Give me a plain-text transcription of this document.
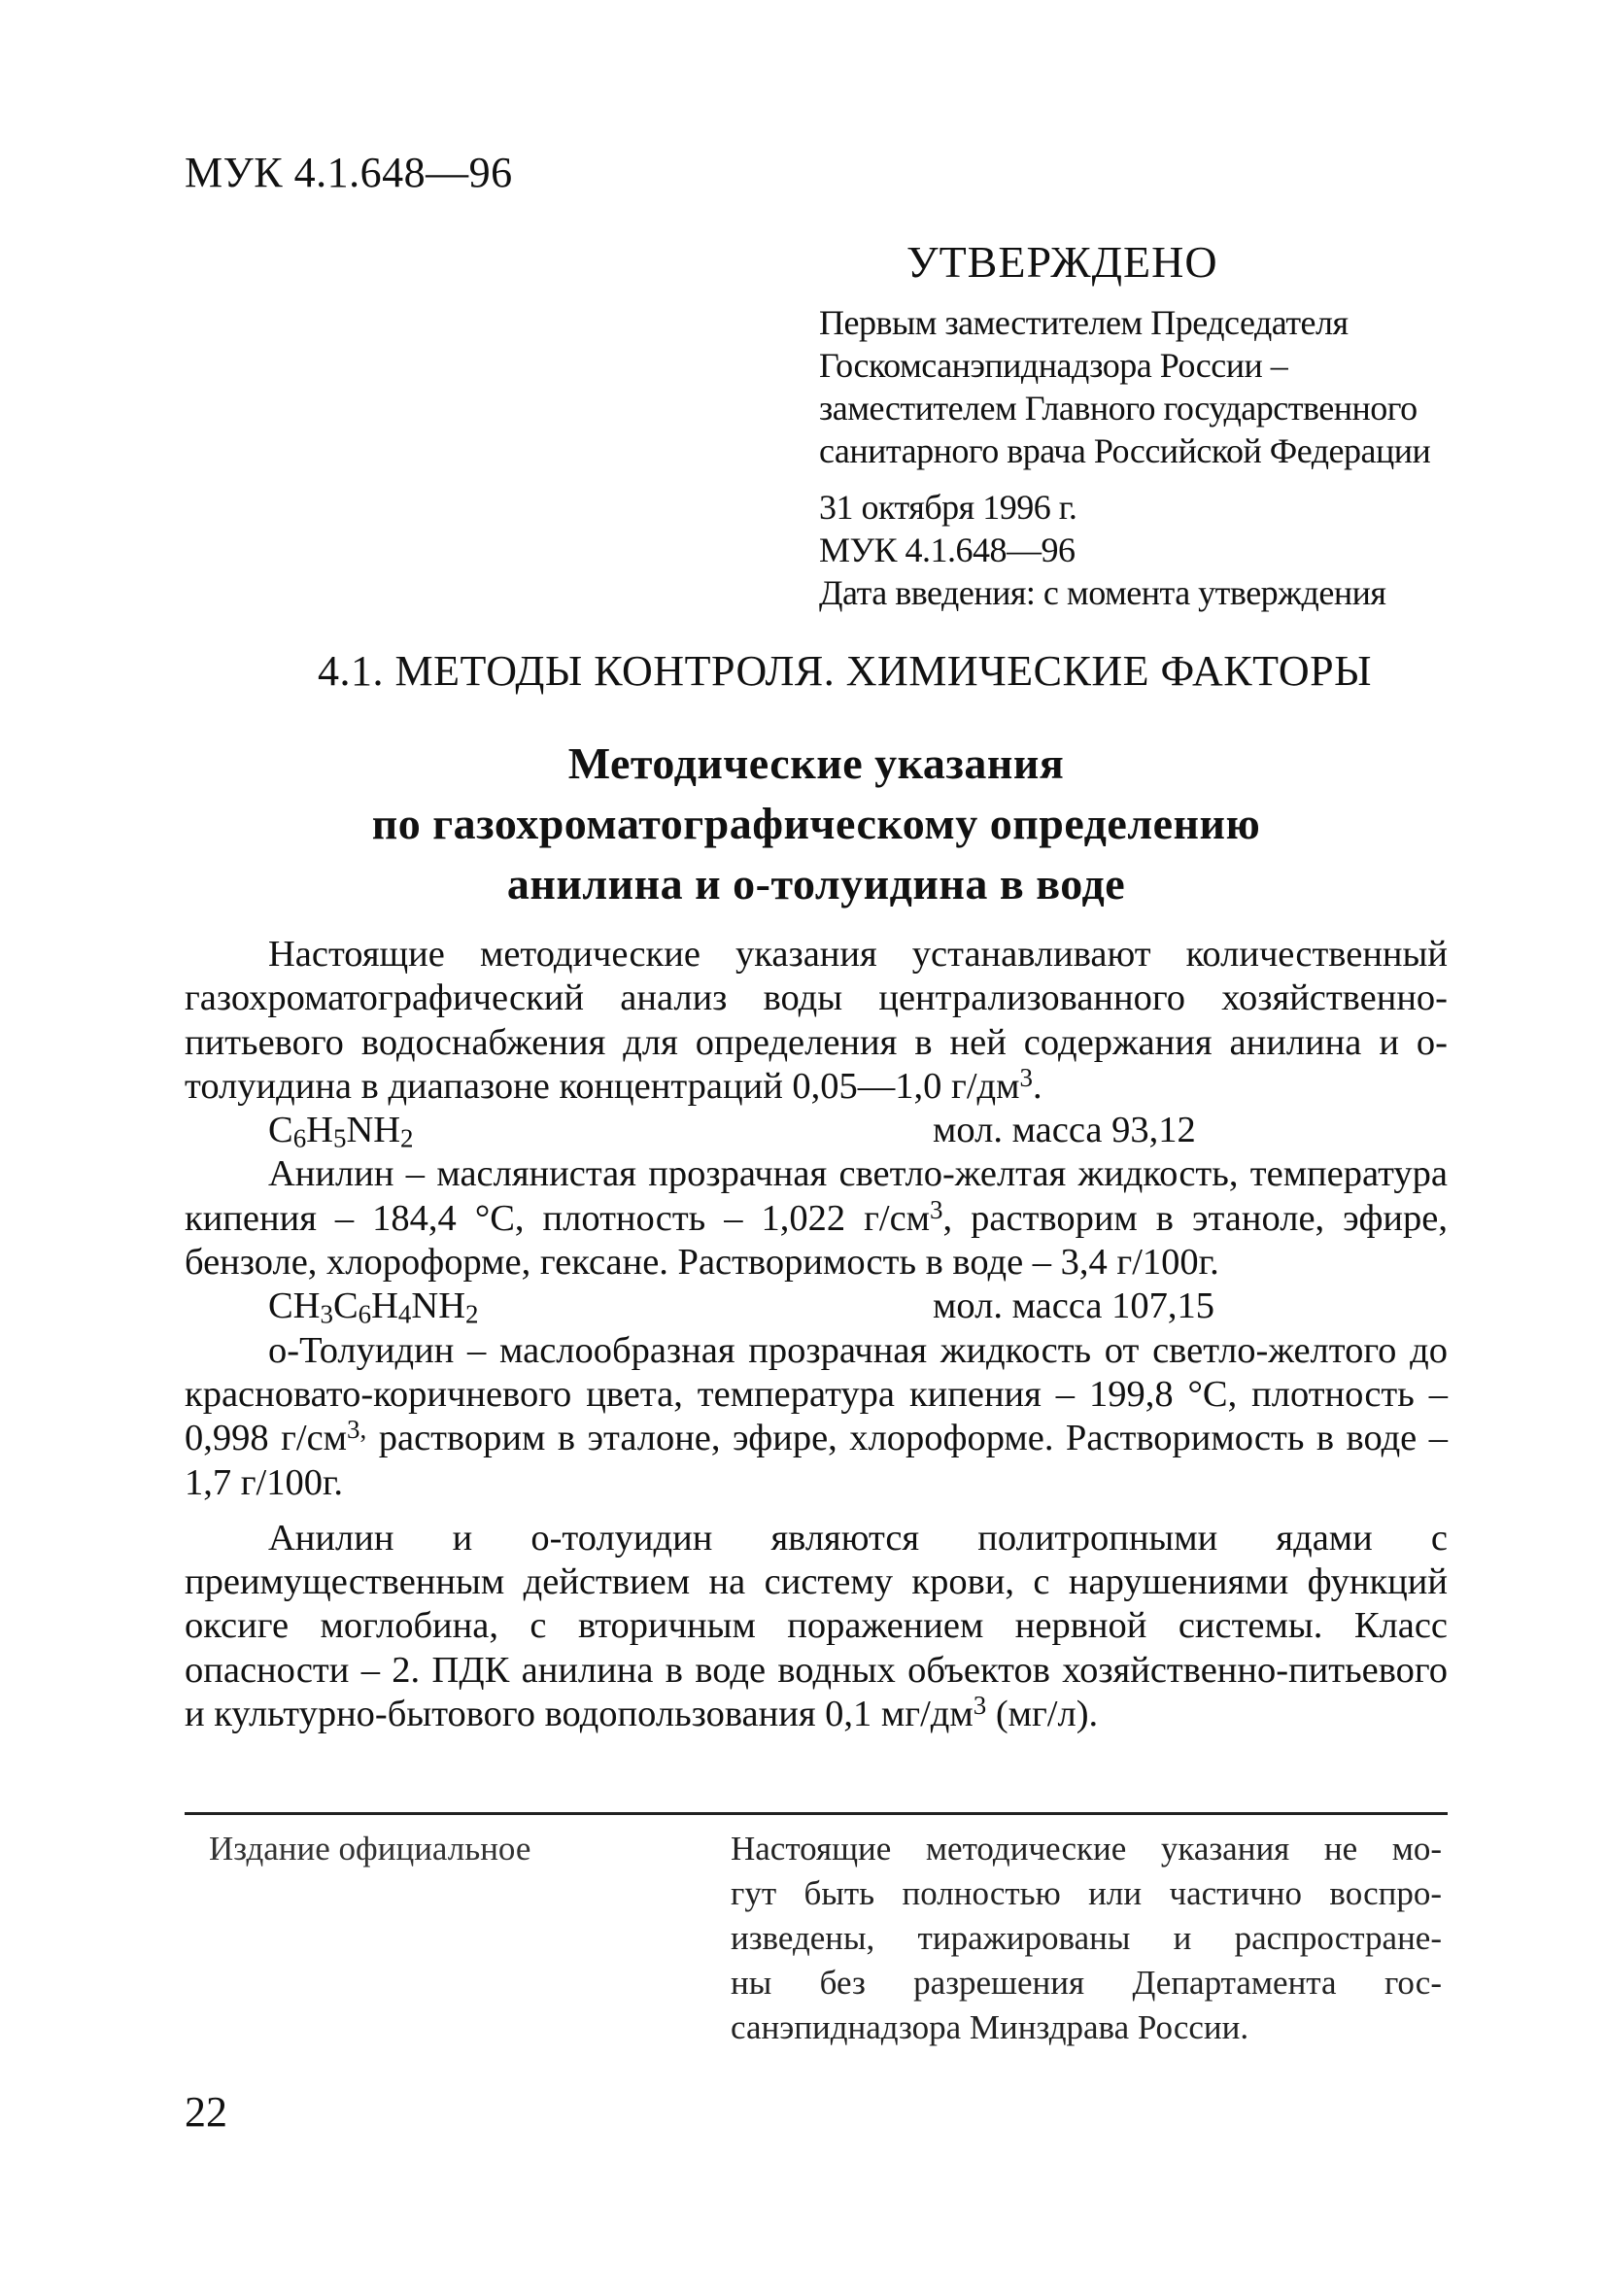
МУК 4.1.648—96
УТВЕРЖДЕНО
Первым заместителем Председателя
Госкомсанэпиднадзора России –
заместителем Главного государственного
санитарного врача Российской Федерации
31 октября 1996 г.
МУК 4.1.648—96
Дата введения: с момента утверждения
4.1. МЕТОДЫ КОНТРОЛЯ. ХИМИЧЕСКИЕ ФАКТОРЫ
Методические указания
по газохроматографическому определению
анилина и о-толуидина в воде

Настоящие методические указания устанавливают количественный газохроматографический анализ воды централизованного хозяйственно-питьевого водоснабжения для определения в ней содержания анилина и о-толуидина в диапазоне концентраций 0,05—1,0 $г/дм^3$.

$C_6H_5NH_2$	мол. масса 93,12

Анилин – маслянистая прозрачная светло-желтая жидкость, температура кипения – 184,4 °С, плотность – 1,022 $г/см^3$, растворим в этаноле, эфире, бензоле, хлороформе, гексане. Растворимость в воде – 3,4 г/100г.

$CH_3C_6H_4NH_2$	мол. масса 107,15

о-Толуидин – маслообразная прозрачная жидкость от светло-желтого до красновато-коричневого цвета, температура кипения – 199,8 °С, плотность – 0,998 $г/см^{3,}$ растворим в эталоне, эфире, хлороформе. Растворимость в воде – 1,7 г/100г.

Анилин и о-толуидин являются политропными ядами с преимущественным действием на систему крови, с нарушениями функций оксиге моглобина, с вторичным поражением нервной системы. Класс опасности – 2. ПДК анилина в воде водных объектов хозяйственно-питьевого и культурно-бытового водопользования 0,1 $мг/дм^3$ (мг/л).

Издание официальное	Настоящие методические указания не мо-
гут быть полностью или частично воспро-
изведены, тиражированы и распростране-
ны без разрешения Департамента гос-
санэпиднадзора Минздрава России.
22
